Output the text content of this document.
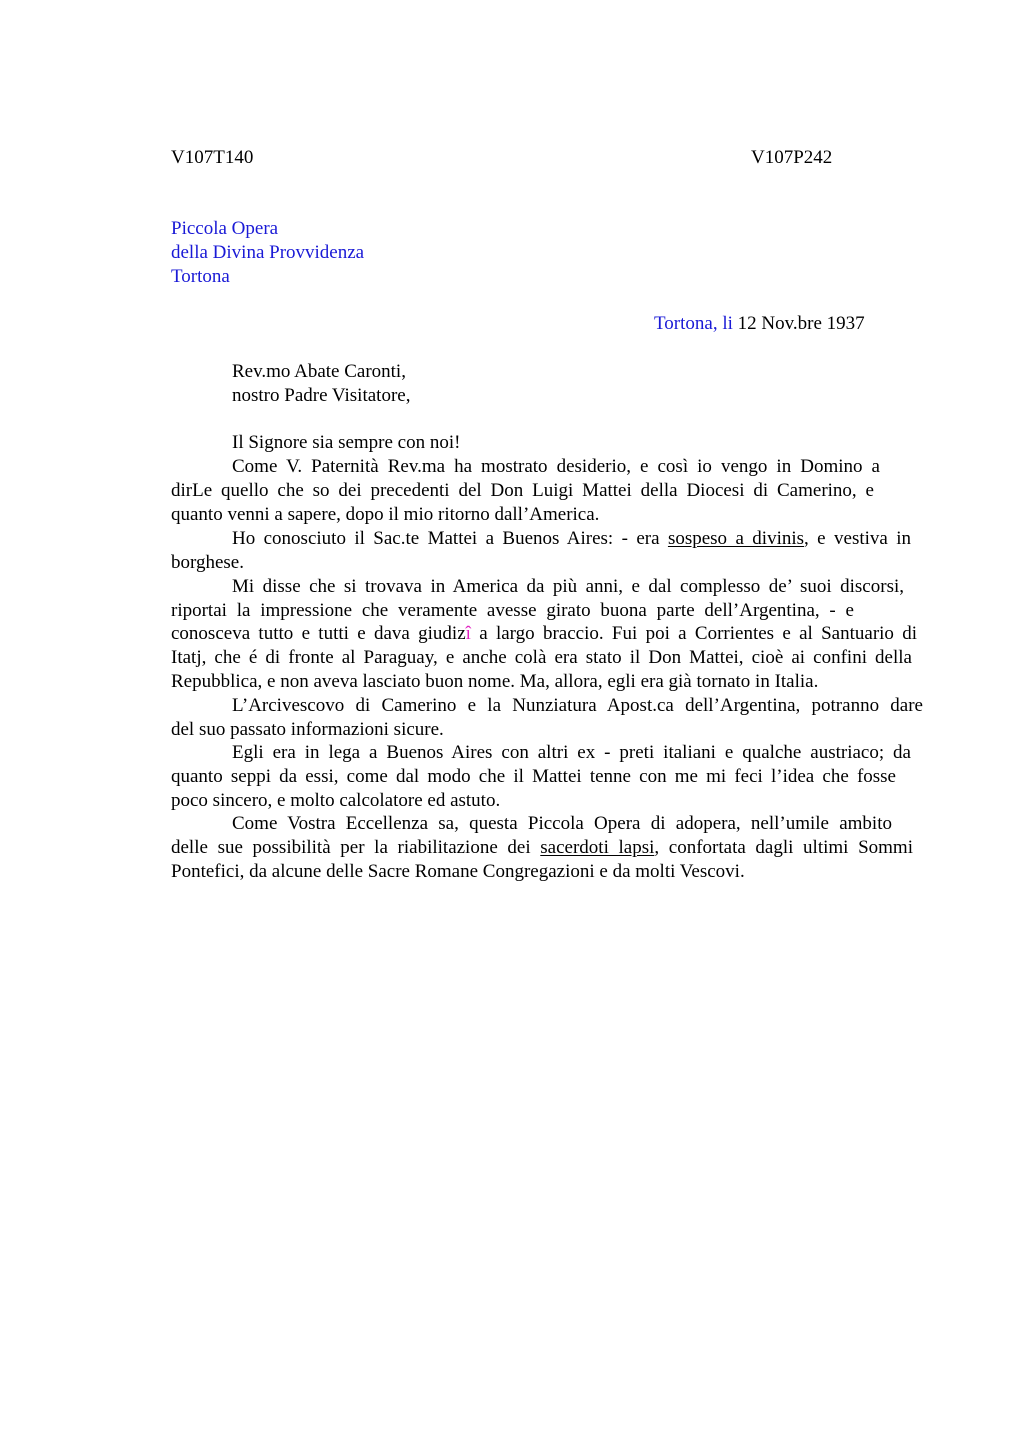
V107T140	V107P242
Piccola Opera
della Divina Provvidenza
Tortona
Tortona, li 12 Nov.bre 1937
Rev.mo Abate Caronti,
nostro Padre Visitatore,
Il Signore sia sempre con noi!
Come V. Paternità Rev.ma ha mostrato desiderio, e così io vengo in Domino a
dirLe quello che so dei precedenti del Don Luigi Mattei della Diocesi di Camerino, e
quanto venni a sapere, dopo il mio ritorno dall’America.
Ho conosciuto il Sac.te Mattei a Buenos Aires: - era sospeso a divinis, e vestiva in
borghese.
Mi disse che si trovava in America da più anni, e dal complesso de’ suoi discorsi,
riportai la impressione che veramente avesse girato buona parte dell’Argentina, - e
conosceva tutto e tutti e dava giudizî a largo braccio. Fui poi a Corrientes e al Santuario di
Itatj, che é di fronte al Paraguay, e anche colà era stato il Don Mattei, cioè ai confini della
Repubblica, e non aveva lasciato buon nome. Ma, allora, egli era già tornato in Italia.
L’Arcivescovo di Camerino e la Nunziatura Apost.ca dell’Argentina, potranno dare
del suo passato informazioni sicure.
Egli era in lega a Buenos Aires con altri ex - preti italiani e qualche austriaco; da
quanto seppi da essi, come dal modo che il Mattei tenne con me mi feci l’idea che fosse
poco sincero, e molto calcolatore ed astuto.
Come Vostra Eccellenza sa, questa Piccola Opera di adopera, nell’umile ambito
delle sue possibilità per la riabilitazione dei sacerdoti lapsi, confortata dagli ultimi Sommi
Pontefici, da alcune delle Sacre Romane Congregazioni e da molti Vescovi.
